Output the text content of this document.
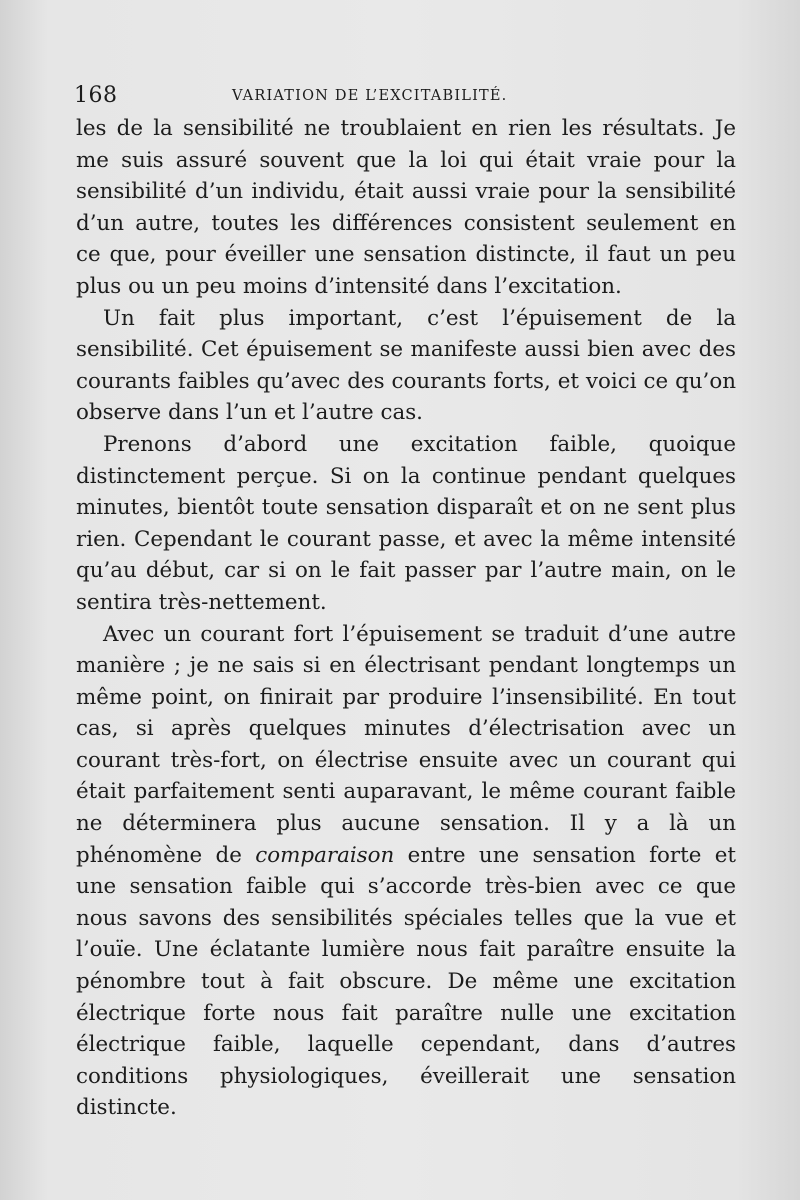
168	VARIATION DE L’EXCITABILITÉ.

les de la sensibilité ne troublaient en rien les résultats. Je me suis assuré souvent que la loi qui était vraie pour la sensibilité d’un individu, était aussi vraie pour la sensibilité d’un autre, toutes les différences consistent seulement en ce que, pour éveiller une sensation distincte, il faut un peu plus ou un peu moins d’intensité dans l’excitation.

Un fait plus important, c’est l’épuisement de la sensibilité. Cet épuisement se manifeste aussi bien avec des courants faibles qu’avec des courants forts, et voici ce qu’on observe dans l’un et l’autre cas.

Prenons d’abord une excitation faible, quoique distinctement perçue. Si on la continue pendant quelques minutes, bientôt toute sensation disparaît et on ne sent plus rien. Cependant le courant passe, et avec la même intensité qu’au début, car si on le fait passer par l’autre main, on le sentira très-nettement.

Avec un courant fort l’épuisement se traduit d’une autre manière ; je ne sais si en électrisant pendant longtemps un même point, on finirait par produire l’insensibilité. En tout cas, si après quelques minutes d’électrisation avec un courant très-fort, on électrise ensuite avec un courant qui était parfaitement senti auparavant, le même courant faible ne déterminera plus aucune sensation. Il y a là un phénomène de comparaison entre une sensation forte et une sensation faible qui s’accorde très-bien avec ce que nous savons des sensibilités spéciales telles que la vue et l’ouïe. Une éclatante lumière nous fait paraître ensuite la pénombre tout à fait obscure. De même une excitation électrique forte nous fait paraître nulle une excitation électrique faible, laquelle cependant, dans d’autres conditions physiologiques, éveillerait une sensation distincte.
